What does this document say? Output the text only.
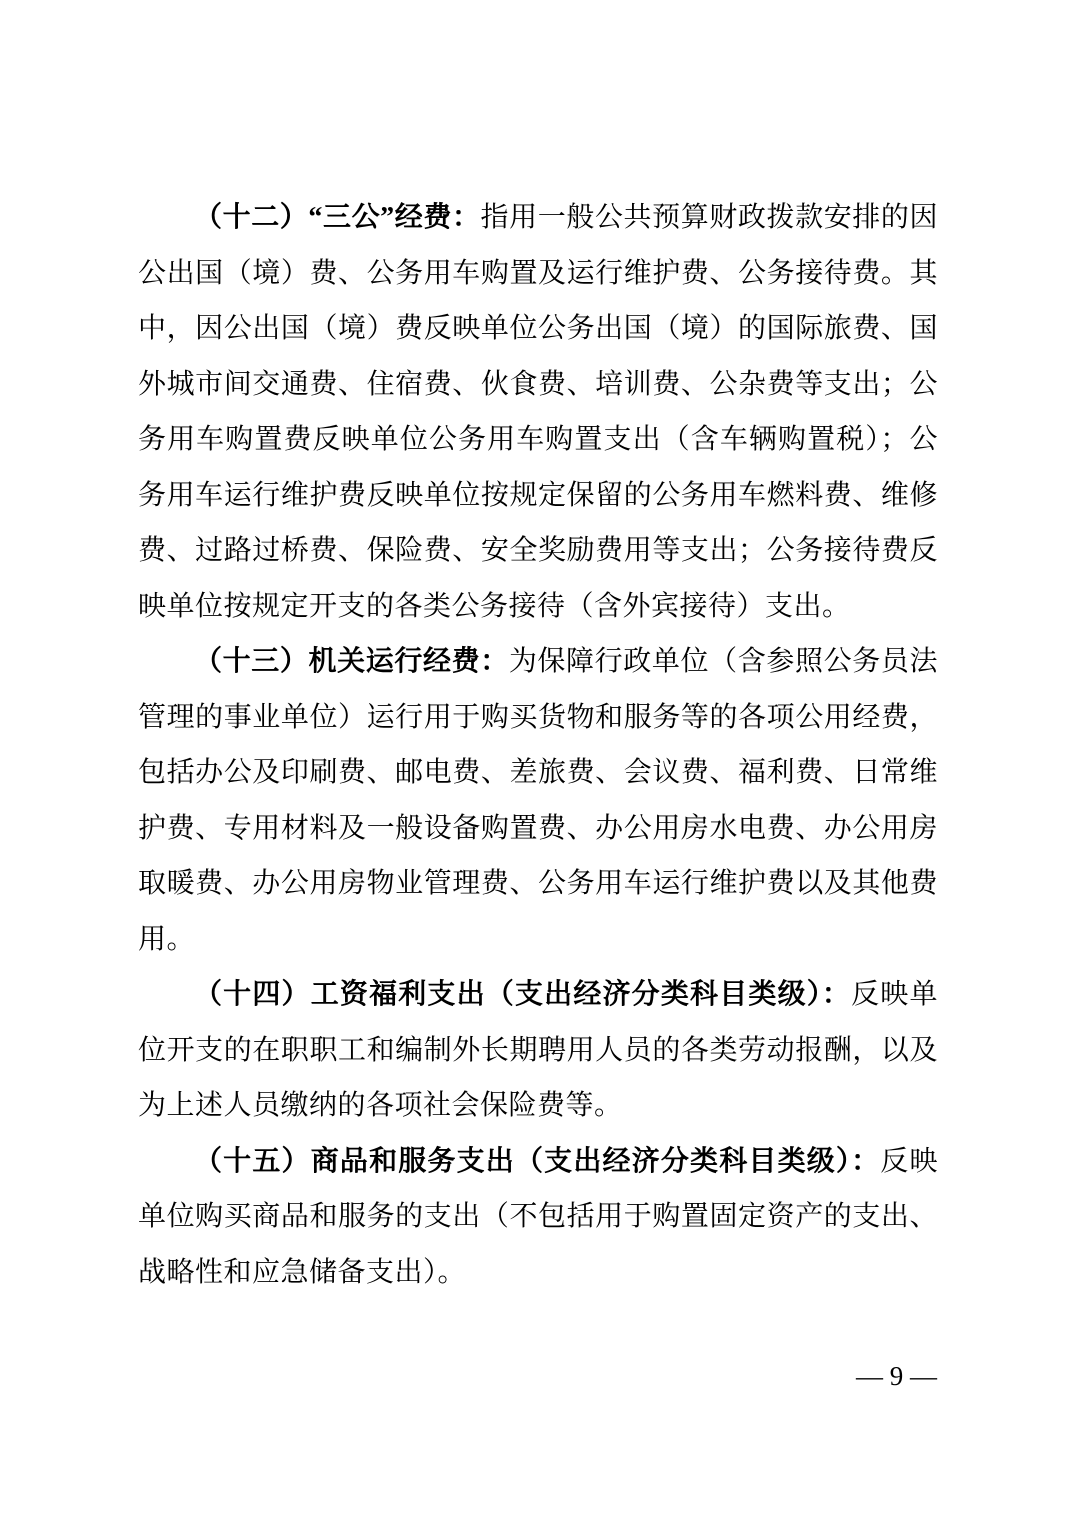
（十二）“三公”经费：指用一般公共预算财政拨款安排的因公出国（境）费、公务用车购置及运行维护费、公务接待费。其中，因公出国（境）费反映单位公务出国（境）的国际旅费、国外城市间交通费、住宿费、伙食费、培训费、公杂费等支出；公务用车购置费反映单位公务用车购置支出（含车辆购置税）；公务用车运行维护费反映单位按规定保留的公务用车燃料费、维修费、过路过桥费、保险费、安全奖励费用等支出；公务接待费反映单位按规定开支的各类公务接待（含外宾接待）支出。

（十三）机关运行经费：为保障行政单位（含参照公务员法管理的事业单位）运行用于购买货物和服务等的各项公用经费，包括办公及印刷费、邮电费、差旅费、会议费、福利费、日常维护费、专用材料及一般设备购置费、办公用房水电费、办公用房取暖费、办公用房物业管理费、公务用车运行维护费以及其他费用。

（十四）工资福利支出（支出经济分类科目类级）：反映单位开支的在职职工和编制外长期聘用人员的各类劳动报酬，以及为上述人员缴纳的各项社会保险费等。

（十五）商品和服务支出（支出经济分类科目类级）：反映单位购买商品和服务的支出（不包括用于购置固定资产的支出、战略性和应急储备支出）。

— 9 —
